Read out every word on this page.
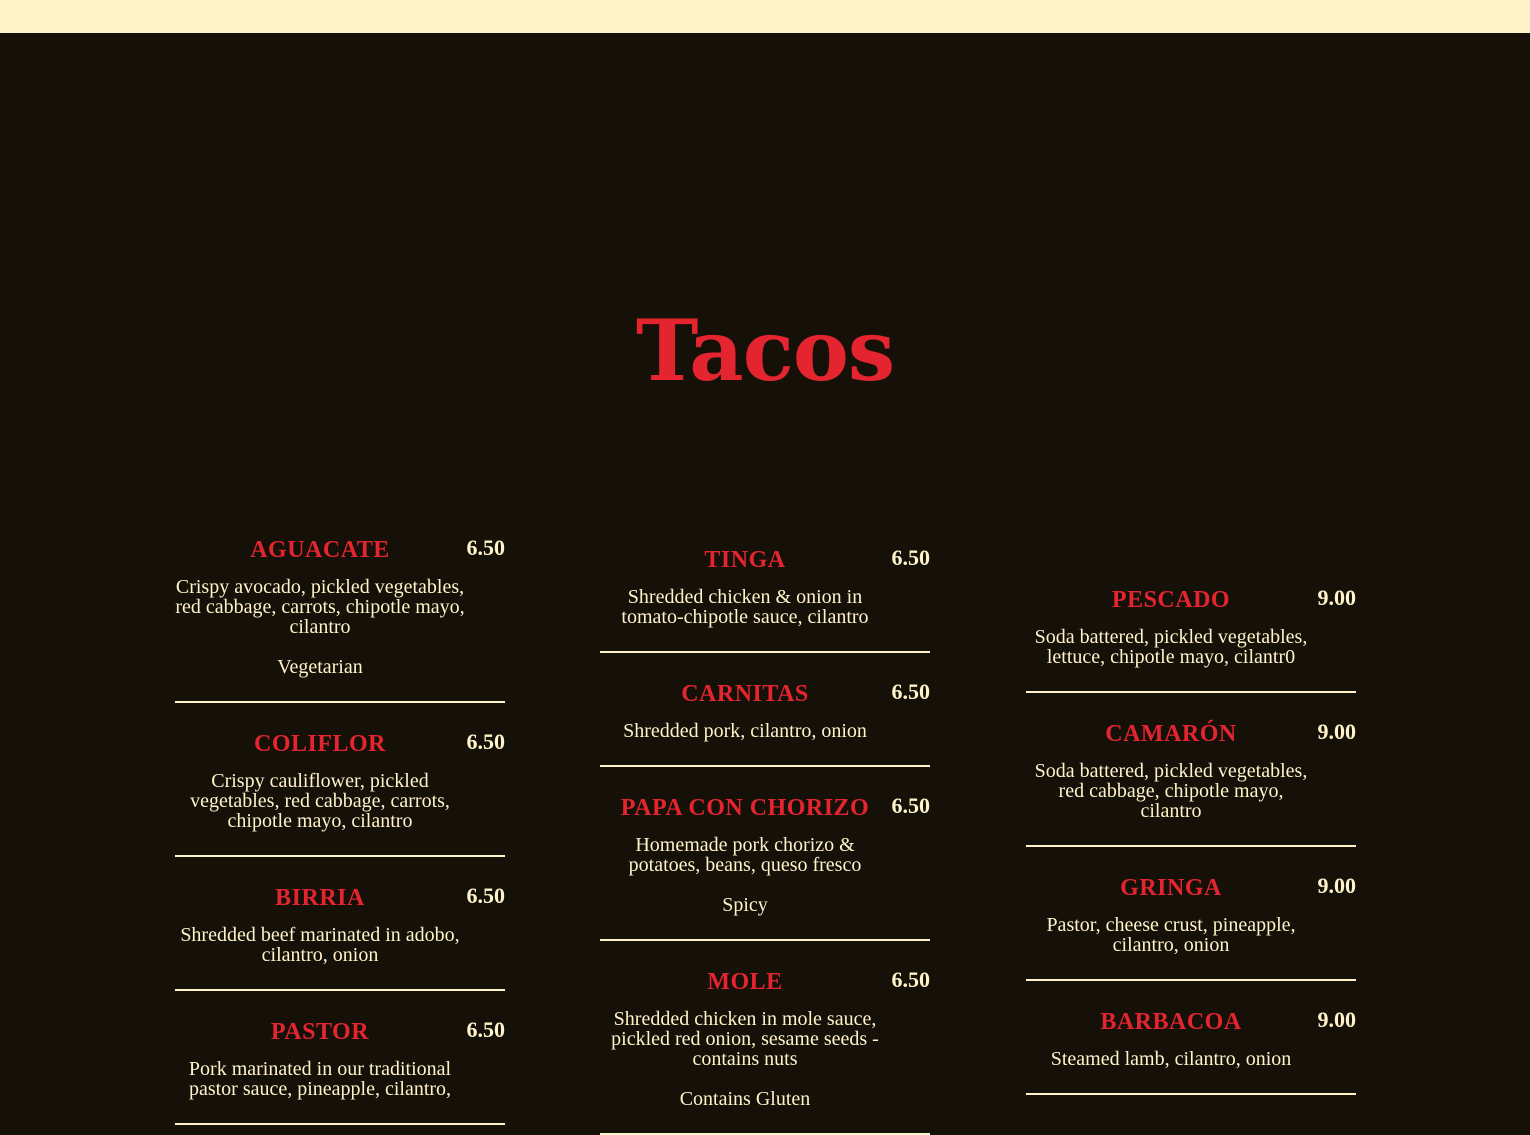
Tacos
AGUACATE	6.50

Crispy avocado, pickled vegetables, red cabbage, carrots, chipotle mayo, cilantro

Vegetarian

COLIFLOR	6.50

Crispy cauliflower, pickled vegetables, red cabbage, carrots, chipotle mayo, cilantro

BIRRIA	6.50

Shredded beef marinated in adobo, cilantro, onion

PASTOR	6.50

Pork marinated in our traditional pastor sauce, pineapple, cilantro,

TINGA	6.50

Shredded chicken & onion in tomato-chipotle sauce, cilantro

CARNITAS	6.50

Shredded pork, cilantro, onion

PAPA CON CHORIZO	6.50

Homemade pork chorizo & potatoes, beans, queso fresco

Spicy

MOLE	6.50

Shredded chicken in mole sauce, pickled red onion, sesame seeds - contains nuts

Contains Gluten

PESCADO	9.00

Soda battered, pickled vegetables, lettuce, chipotle mayo, cilantr0

CAMARÓN	9.00

Soda battered, pickled vegetables, red cabbage, chipotle mayo, cilantro

GRINGA	9.00

Pastor, cheese crust, pineapple, cilantro, onion

BARBACOA	9.00

Steamed lamb, cilantro, onion
